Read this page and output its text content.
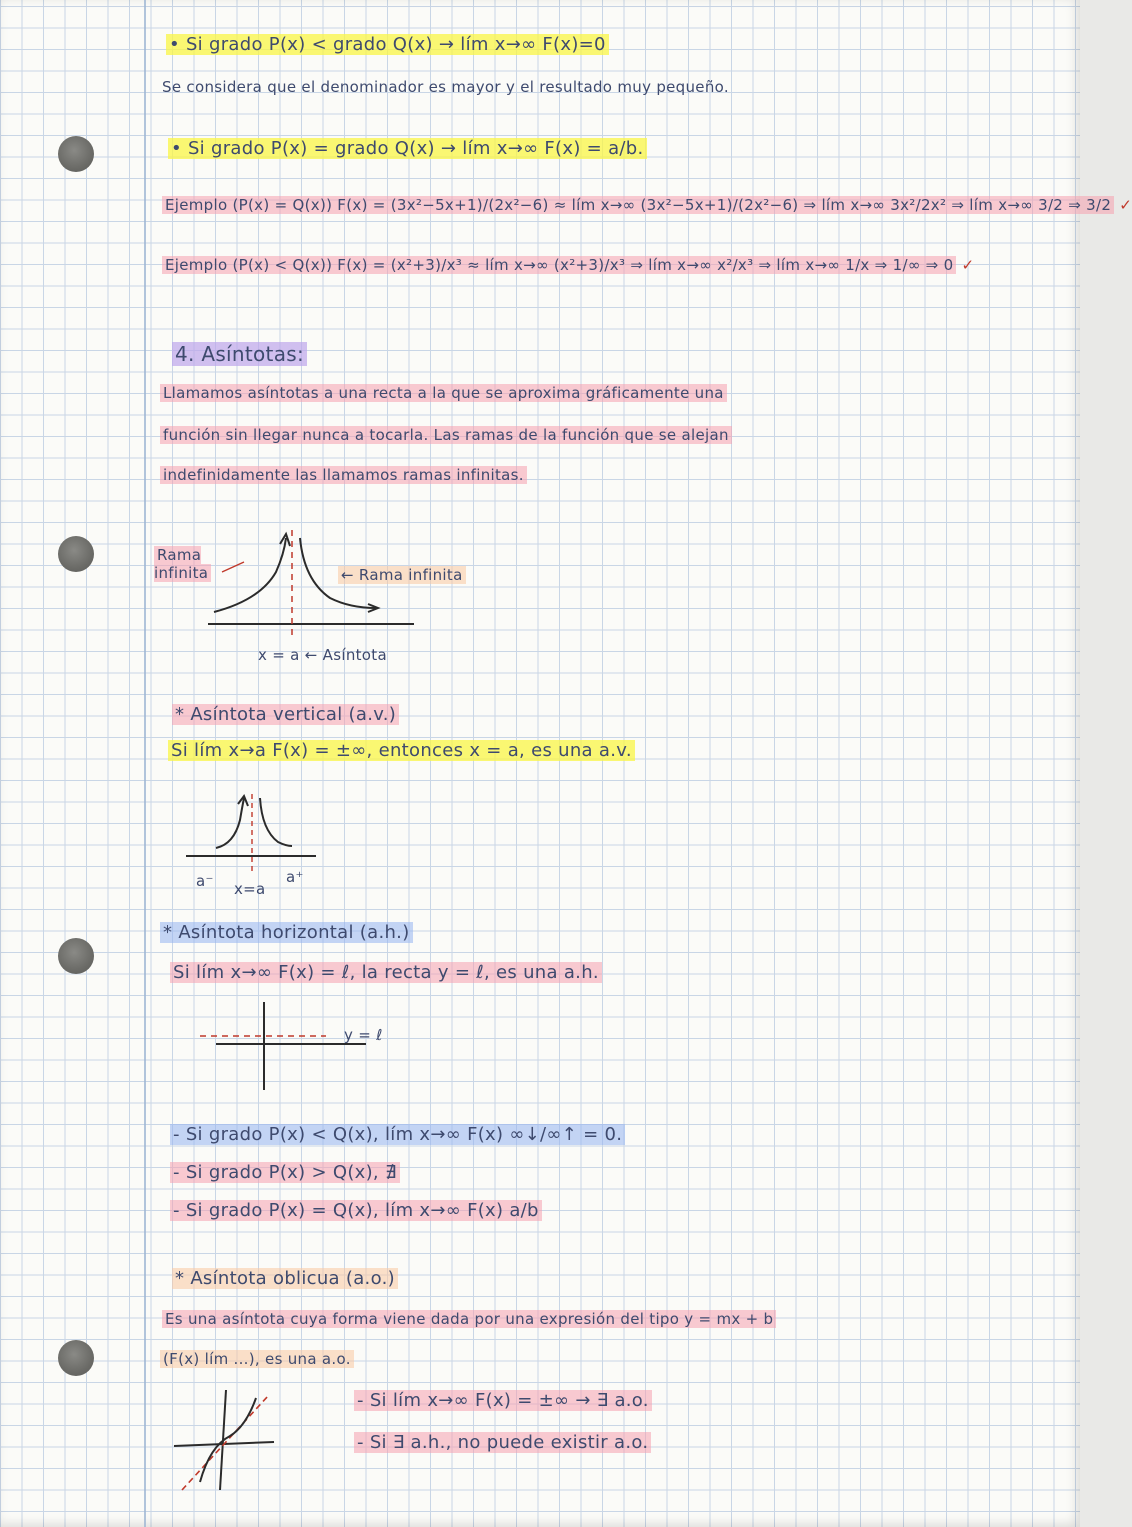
• Si grado P(x) < grado Q(x) → lím x→∞ F(x)=0
Se considera que el denominador es mayor y el resultado muy pequeño.
• Si grado P(x) = grado Q(x) → lím x→∞ F(x) = a/b.
Ejemplo (P(x) = Q(x)) F(x) = (3x²−5x+1)/(2x²−6) ≈ lím x→∞ (3x²−5x+1)/(2x²−6) ⇒ lím x→∞ 3x²/2x² ⇒ lím x→∞ 3/2 ⇒ 3/2 ✓
Ejemplo (P(x) < Q(x)) F(x) = (x²+3)/x³ ≈ lím x→∞ (x²+3)/x³ ⇒ lím x→∞ x²/x³ ⇒ lím x→∞ 1/x ⇒ 1/∞ ⇒ 0 ✓
4. Asíntotas:
Llamamos asíntotas a una recta a la que se aproxima gráficamente una
función sin llegar nunca a tocarla. Las ramas de la función que se alejan
indefinidamente las llamamos ramas infinitas.
Rama infinita	← Rama infinita
x = a ← Asíntota
* Asíntota vertical (a.v.)
Si lím x→a F(x) = ±∞, entonces x = a, es una a.v.
a⁻ x=a
a⁺
* Asíntota horizontal (a.h.)
Si lím x→∞ F(x) = ℓ, la recta y = ℓ, es una a.h.
y = ℓ
- Si grado P(x) < Q(x), lím x→∞ F(x) ∞↓/∞↑ = 0.
- Si grado P(x) > Q(x), ∄
- Si grado P(x) = Q(x), lím x→∞ F(x) a/b
* Asíntota oblicua (a.o.)
Es una asíntota cuya forma viene dada por una expresión del tipo y = mx + b
(F(x) lím ...), es una a.o.
- Si lím x→∞ F(x) = ±∞ → ∃ a.o.
- Si ∃ a.h., no puede existir a.o.
